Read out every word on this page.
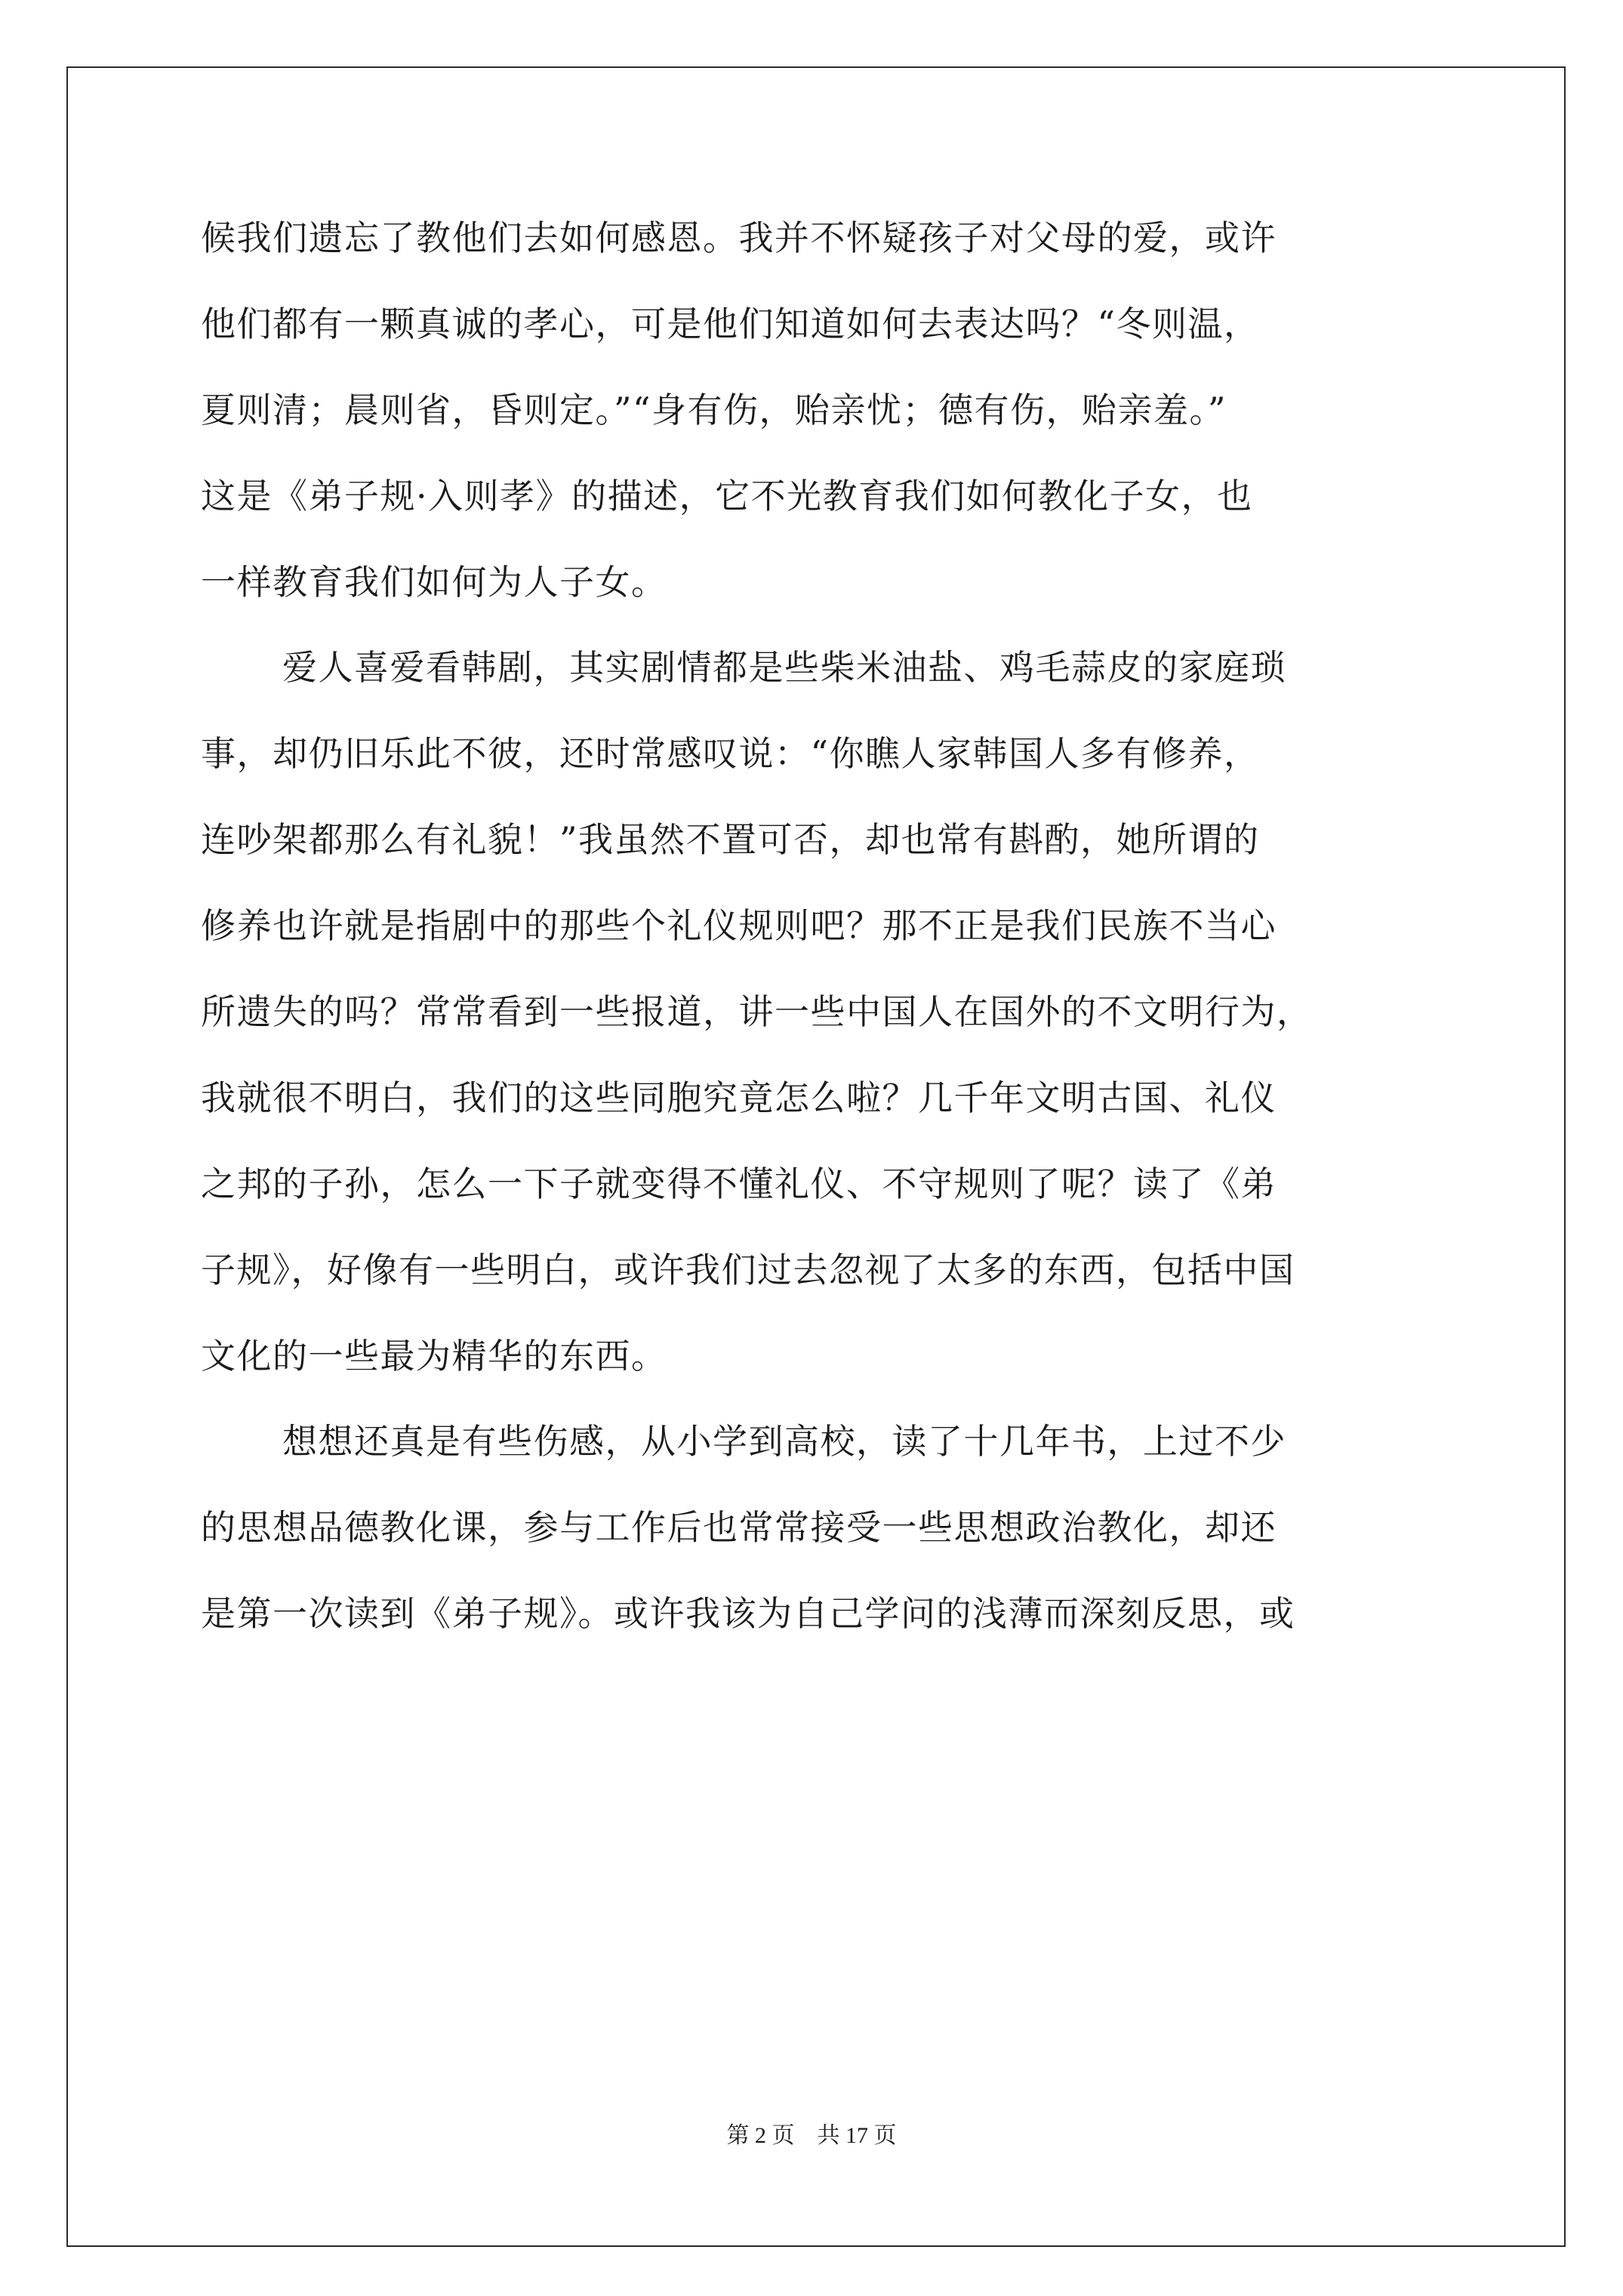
候我们遗忘了教他们去如何感恩。我并不怀疑孩子对父母的爱，或许
他们都有一颗真诚的孝心，可是他们知道如何去表达吗？“冬则温，
夏则清；晨则省，昏则定。”“身有伤，贻亲忧；德有伤，贻亲羞。”
这是《弟子规·入则孝》的描述，它不光教育我们如何教化子女，也
一样教育我们如何为人子女。
爱人喜爱看韩剧，其实剧情都是些柴米油盐、鸡毛蒜皮的家庭琐
事，却仍旧乐此不彼，还时常感叹说：“你瞧人家韩国人多有修养，
连吵架都那么有礼貌！”我虽然不置可否，却也常有斟酌，她所谓的
修养也许就是指剧中的那些个礼仪规则吧？那不正是我们民族不当心
所遗失的吗？常常看到一些报道，讲一些中国人在国外的不文明行为，
我就很不明白，我们的这些同胞究竟怎么啦？几千年文明古国、礼仪
之邦的子孙，怎么一下子就变得不懂礼仪、不守规则了呢？读了《弟
子规》，好像有一些明白，或许我们过去忽视了太多的东西，包括中国
文化的一些最为精华的东西。
想想还真是有些伤感，从小学到高校，读了十几年书，上过不少
的思想品德教化课，参与工作后也常常接受一些思想政治教化，却还
是第一次读到《弟子规》。或许我该为自己学问的浅薄而深刻反思，或
第 2 页　共 17 页
